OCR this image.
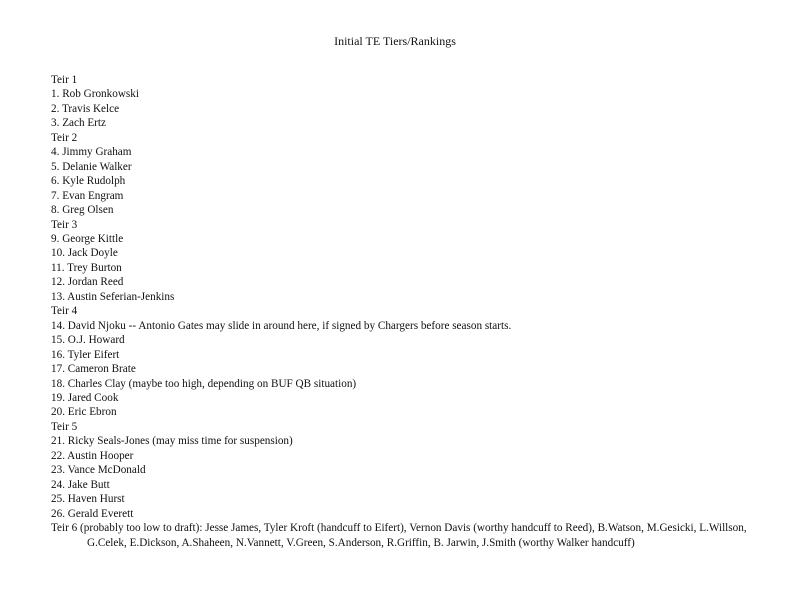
Initial TE Tiers/Rankings
Teir 1
1. Rob Gronkowski
2. Travis Kelce
3. Zach Ertz
Teir 2
4. Jimmy Graham
5. Delanie Walker
6. Kyle Rudolph
7. Evan Engram
8. Greg Olsen
Teir 3
9. George Kittle
10. Jack Doyle
11. Trey Burton
12. Jordan Reed
13. Austin Seferian-Jenkins
Teir 4
14. David Njoku -- Antonio Gates may slide in around here, if signed by Chargers before season starts.
15. O.J. Howard
16. Tyler Eifert
17. Cameron Brate
18. Charles Clay (maybe too high, depending on BUF QB situation)
19. Jared Cook
20. Eric Ebron
Teir 5
21. Ricky Seals-Jones (may miss time for suspension)
22. Austin Hooper
23. Vance McDonald
24. Jake Butt
25. Haven Hurst
26. Gerald Everett
Teir 6 (probably too low to draft): Jesse James, Tyler Kroft (handcuff to Eifert), Vernon Davis (worthy handcuff to Reed), B.Watson, M.Gesicki, L.Willson, G.Celek, E.Dickson, A.Shaheen, N.Vannett, V.Green, S.Anderson, R.Griffin, B. Jarwin, J.Smith (worthy Walker handcuff)
